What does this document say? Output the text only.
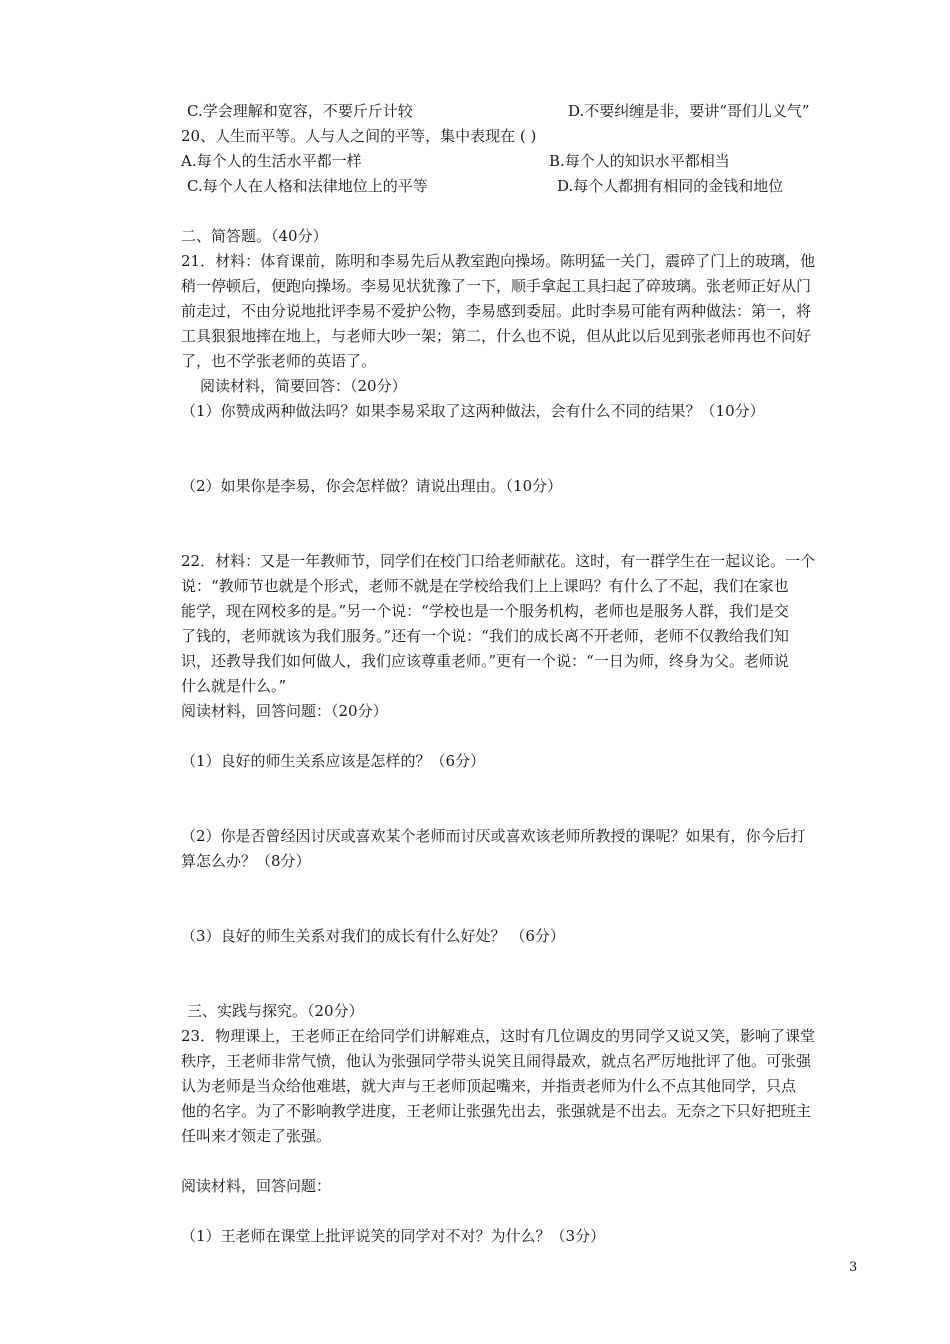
C.学会理解和宽容，不要斤斤计较	D.不要纠缠是非，要讲“哥们儿义气”
20、人生而平等。人与人之间的平等，集中表现在 ( )
A.每个人的生活水平都一样	B.每个人的知识水平都相当
C.每个人在人格和法律地位上的平等	D.每个人都拥有相同的金钱和地位
二、简答题。（40分）
21．材料：体育课前，陈明和李易先后从教室跑向操场。陈明猛一关门，震碎了门上的玻璃，他
稍一停顿后，便跑向操场。李易见状犹豫了一下，顺手拿起工具扫起了碎玻璃。张老师正好从门
前走过，不由分说地批评李易不爱护公物，李易感到委屈。此时李易可能有两种做法：第一，将
工具狠狠地摔在地上，与老师大吵一架；第二，什么也不说，但从此以后见到张老师再也不问好
了，也不学张老师的英语了。
阅读材料，简要回答：（20分）
（1）你赞成两种做法吗？如果李易采取了这两种做法，会有什么不同的结果？（10分）
（2）如果你是李易，你会怎样做？请说出理由。（10分）
22．材料：又是一年教师节，同学们在校门口给老师献花。这时，有一群学生在一起议论。一个
说：“教师节也就是个形式，老师不就是在学校给我们上上课吗？有什么了不起，我们在家也
能学，现在网校多的是。”另一个说：“学校也是一个服务机构，老师也是服务人群，我们是交
了钱的，老师就该为我们服务。”还有一个说：“我们的成长离不开老师，老师不仅教给我们知
识，还教导我们如何做人，我们应该尊重老师。”更有一个说：“一日为师，终身为父。老师说
什么就是什么。”
阅读材料，回答问题：（20分）
（1）良好的师生关系应该是怎样的？（6分）
（2）你是否曾经因讨厌或喜欢某个老师而讨厌或喜欢该老师所教授的课呢？如果有，你今后打
算怎么办？（8分）
（3）良好的师生关系对我们的成长有什么好处？ （6分）
三、实践与探究。（20分）
23．物理课上，王老师正在给同学们讲解难点，这时有几位调皮的男同学又说又笑，影响了课堂
秩序，王老师非常气愤，他认为张强同学带头说笑且闹得最欢，就点名严厉地批评了他。可张强
认为老师是当众给他难堪，就大声与王老师顶起嘴来，并指责老师为什么不点其他同学，只点
他的名字。为了不影响教学进度，王老师让张强先出去，张强就是不出去。无奈之下只好把班主
任叫来才领走了张强。
阅读材料，回答问题：
（1）王老师在课堂上批评说笑的同学对不对？为什么？（3分）
3
